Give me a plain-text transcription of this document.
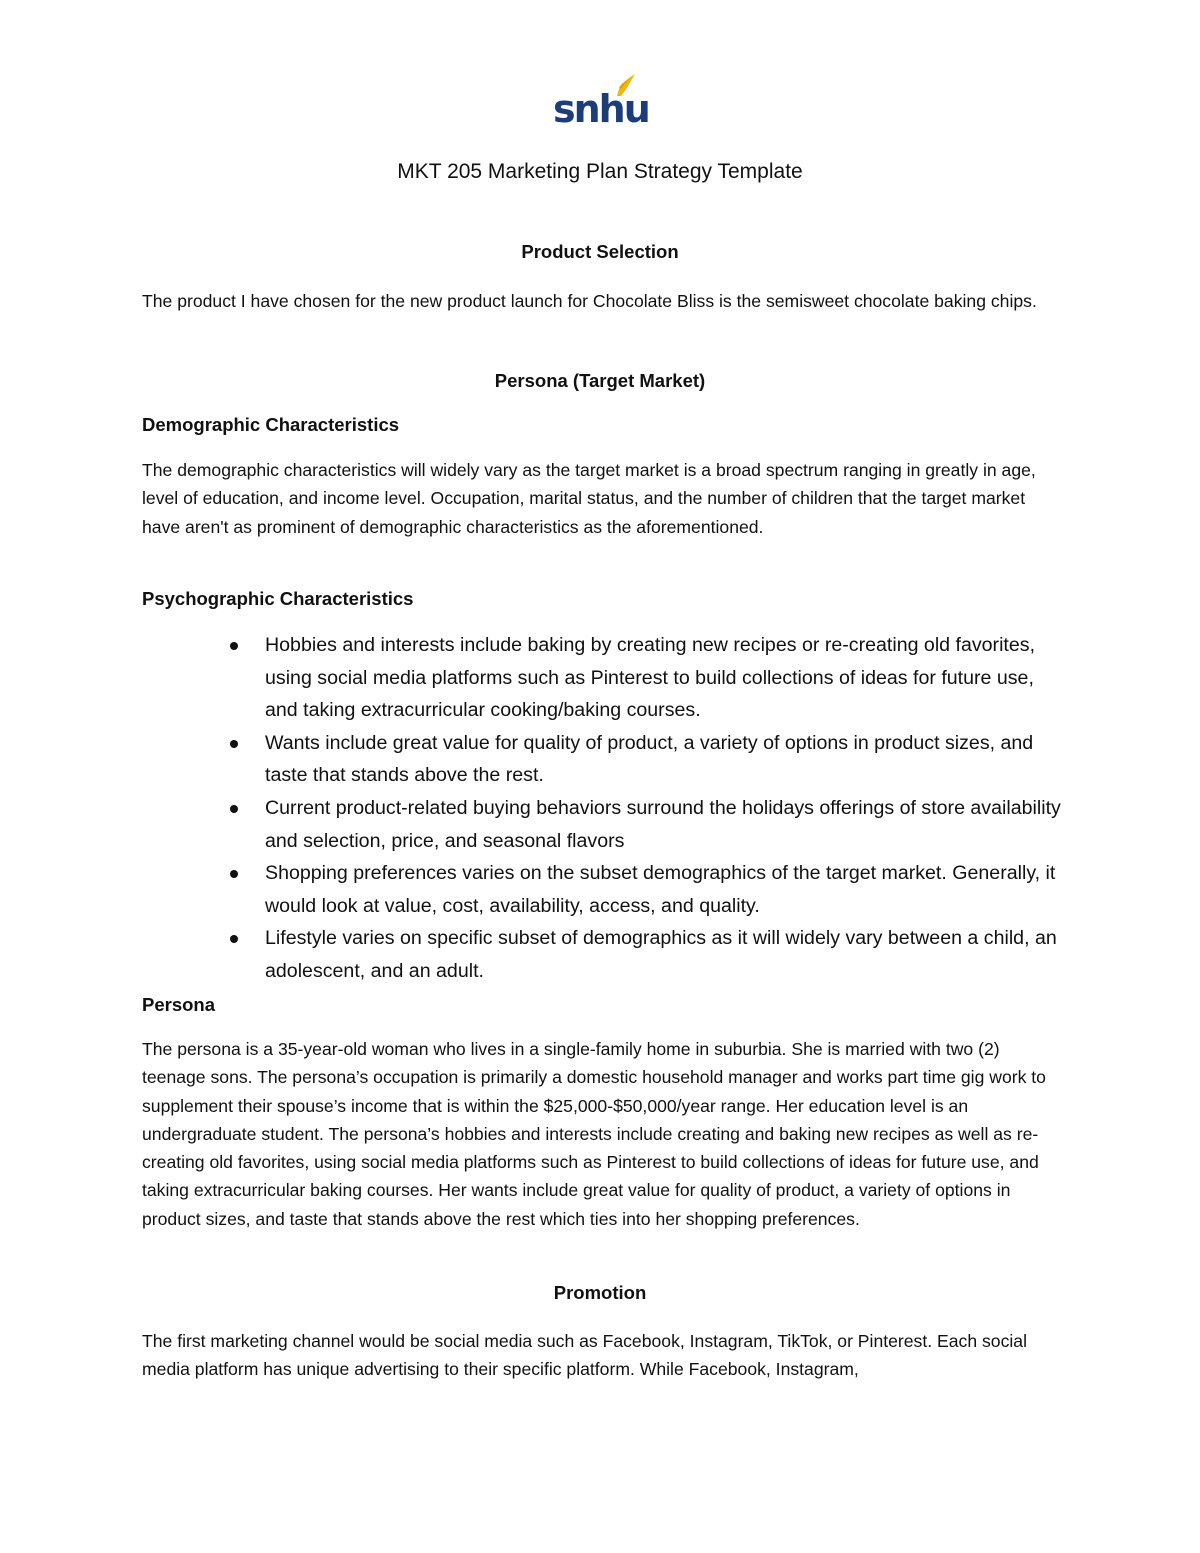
snhu
MKT 205 Marketing Plan Strategy Template
Product Selection
The product I have chosen for the new product launch for Chocolate Bliss is the semisweet chocolate baking chips.
Persona (Target Market)
Demographic Characteristics
The demographic characteristics will widely vary as the target market is a broad spectrum ranging in greatly in age, level of education, and income level. Occupation, marital status, and the number of children that the target market have aren't as prominent of demographic characteristics as the aforementioned.
Psychographic Characteristics
Hobbies and interests include baking by creating new recipes or re-creating old favorites, using social media platforms such as Pinterest to build collections of ideas for future use, and taking extracurricular cooking/baking courses.
Wants include great value for quality of product, a variety of options in product sizes, and taste that stands above the rest.
Current product-related buying behaviors surround the holidays offerings of store availability and selection, price, and seasonal flavors
Shopping preferences varies on the subset demographics of the target market. Generally, it would look at value, cost, availability, access, and quality.
Lifestyle varies on specific subset of demographics as it will widely vary between a child, an adolescent, and an adult.
Persona
The persona is a 35-year-old woman who lives in a single-family home in suburbia. She is married with two (2) teenage sons. The persona’s occupation is primarily a domestic household manager and works part time gig work to supplement their spouse’s income that is within the $25,000-$50,000/year range. Her education level is an undergraduate student. The persona’s hobbies and interests include creating and baking new recipes as well as re-creating old favorites, using social media platforms such as Pinterest to build collections of ideas for future use, and taking extracurricular baking courses. Her wants include great value for quality of product, a variety of options in product sizes, and taste that stands above the rest which ties into her shopping preferences.
Promotion
The first marketing channel would be social media such as Facebook, Instagram, TikTok, or Pinterest. Each social media platform has unique advertising to their specific platform. While Facebook, Instagram,
